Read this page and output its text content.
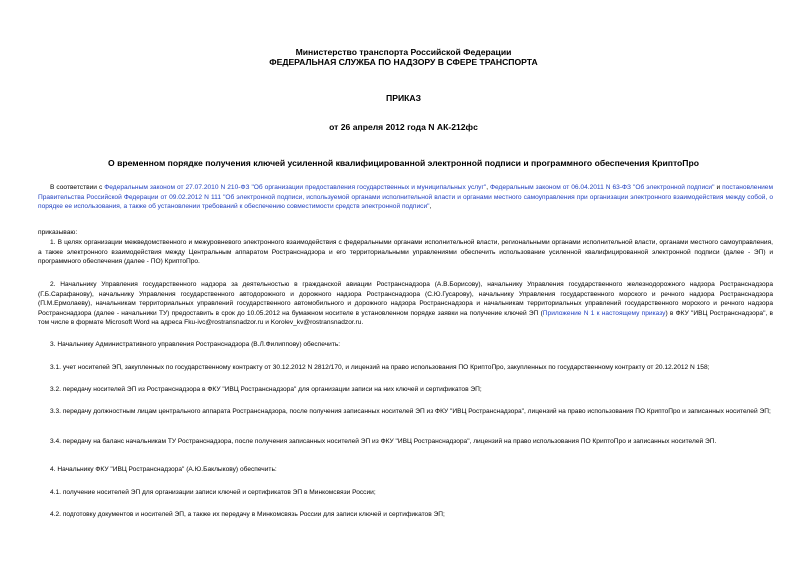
Министерство транспорта Российской Федерации
ФЕДЕРАЛЬНАЯ СЛУЖБА ПО НАДЗОРУ В СФЕРЕ ТРАНСПОРТА
ПРИКАЗ
от 26 апреля 2012 года N АК-212фс
О временном порядке получения ключей усиленной квалифицированной электронной подписи и программного обеспечения КриптоПро
В соответствии с Федеральным законом от 27.07.2010 N 210-ФЗ "Об организации предоставления государственных и муниципальных услуг", Федеральным законом от 06.04.2011 N 63-ФЗ "Об электронной подписи" и постановлением Правительства Российской Федерации от 09.02.2012 N 111 "Об электронной подписи, используемой органами исполнительной власти и органами местного самоуправления при организации электронного взаимодействия между собой, о порядке ее использования, а также об установлении требований к обеспечению совместимости средств электронной подписи",
приказываю:
1. В целях организации межведомственного и межуровневого электронного взаимодействия с федеральными органами исполнительной власти, региональными органами исполнительной власти, органами местного самоуправления, а также электронного взаимодействия между Центральным аппаратом Ространснадзора и его территориальными управлениями обеспечить использование усиленной квалифицированной электронной подписи (далее - ЭП) и программного обеспечения (далее - ПО) КриптоПро.
2. Начальнику Управления государственного надзора за деятельностью в гражданской авиации Ространснадзора (А.В.Борисову), начальнику Управления государственного железнодорожного надзора Ространснадзора (Г.Б.Сарафанову), начальнику Управления государственного автодорожного и дорожного надзора Ространснадзора (С.Ю.Гусарову), начальнику Управления государственного морского и речного надзора Ространснадзора (П.М.Ермолаеву), начальникам территориальных управлений государственного автомобильного и дорожного надзора Ространснадзора и начальникам территориальных управлений государственного морского и речного надзора Ространснадзора (далее - начальники ТУ) предоставить в срок до 10.05.2012 на бумажном носителе в установленном порядке заявки на получение ключей ЭП (Приложение N 1 к настоящему приказу) в ФКУ "ИВЦ Ространснадзора", в том числе в формате Microsoft Word на адреса Fku-ivc@rostransnadzor.ru и Korolev_kv@rostransnadzor.ru.
3. Начальнику Административного управления Ространснадзора (В.Л.Филиппову) обеспечить:
3.1. учет носителей ЭП, закупленных по государственному контракту от 30.12.2012 N 2812/170, и лицензий на право использования ПО КриптоПро, закупленных по государственному контракту от 20.12.2012 N 158;
3.2. передачу носителей ЭП из Ространснадзора в ФКУ "ИВЦ Ространснадзора" для организации записи на них ключей и сертификатов ЭП;
3.3. передачу должностным лицам центрального аппарата Ространснадзора, после получения записанных носителей ЭП из ФКУ "ИВЦ Ространснадзора", лицензий на право использования ПО КриптоПро и записанных носителей ЭП;
3.4. передачу на баланс начальникам ТУ Ространснадзора, после получения записанных носителей ЭП из ФКУ "ИВЦ Ространснадзора", лицензий на право использования ПО КриптоПро и записанных носителей ЭП.
4. Начальнику ФКУ "ИВЦ Ространснадзора" (А.Ю.Баклыкову) обеспечить:
4.1. получение носителей ЭП для организации записи ключей и сертификатов ЭП в Минкомсвязи России;
4.2. подготовку документов и носителей ЭП, а также их передачу в Минкомсвязь России для записи ключей и сертификатов ЭП;
